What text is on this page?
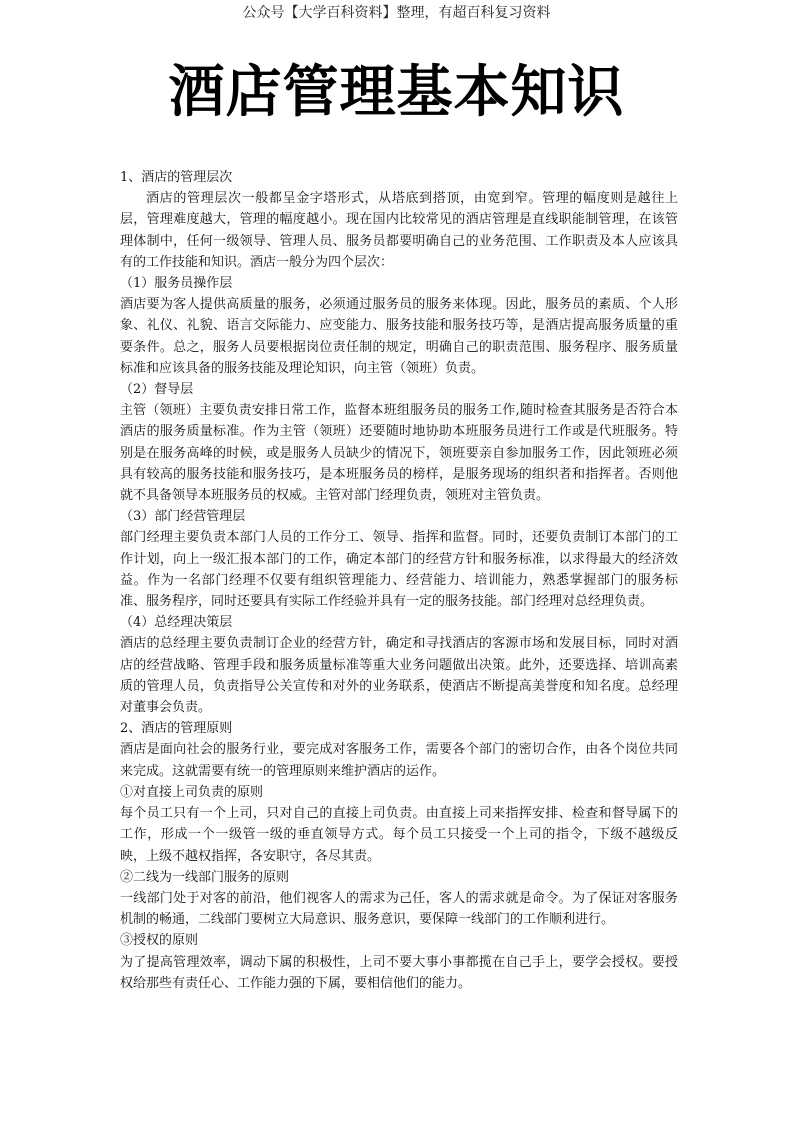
公众号【大学百科资料】整理，有超百科复习资料
酒店管理基本知识

1、酒店的管理层次

酒店的管理层次一般都呈金字塔形式，从塔底到搭顶，由宽到窄。管理的幅度则是越往上层，管理难度越大，管理的幅度越小。现在国内比较常见的酒店管理是直线职能制管理，在该管理体制中，任何一级领导、管理人员、服务员都要明确自己的业务范围、工作职责及本人应该具有的工作技能和知识。酒店一般分为四个层次：

（1）服务员操作层

酒店要为客人提供高质量的服务，必须通过服务员的服务来体现。因此，服务员的素质、个人形象、礼仪、礼貌、语言交际能力、应变能力、服务技能和服务技巧等，是酒店提高服务质量的重要条件。总之，服务人员要根据岗位责任制的规定，明确自己的职责范围、服务程序、服务质量标准和应该具备的服务技能及理论知识，向主管（领班）负责。

（2）督导层

主管（领班）主要负责安排日常工作，监督本班组服务员的服务工作,随时检查其服务是否符合本酒店的服务质量标准。作为主管（领班）还要随时地协助本班服务员进行工作或是代班服务。特别是在服务高峰的时候，或是服务人员缺少的情况下，领班要亲自参加服务工作，因此领班必须具有较高的服务技能和服务技巧，是本班服务员的榜样，是服务现场的组织者和指挥者。否则他就不具备领导本班服务员的权威。主管对部门经理负责，领班对主管负责。

（3）部门经营管理层

部门经理主要负责本部门人员的工作分工、领导、指挥和监督。同时，还要负责制订本部门的工作计划，向上一级汇报本部门的工作，确定本部门的经营方针和服务标准，以求得最大的经济效益。作为一名部门经理不仅要有组织管理能力、经营能力、培训能力，熟悉掌握部门的服务标准、服务程序，同时还要具有实际工作经验并具有一定的服务技能。部门经理对总经理负责。

（4）总经理决策层

酒店的总经理主要负责制订企业的经营方针，确定和寻找酒店的客源市场和发展目标，同时对酒店的经营战略、管理手段和服务质量标准等重大业务问题做出决策。此外，还要选择、培训高素质的管理人员，负责指导公关宣传和对外的业务联系，使酒店不断提高美誉度和知名度。总经理对董事会负责。

2、酒店的管理原则

酒店是面向社会的服务行业，要完成对客服务工作，需要各个部门的密切合作，由各个岗位共同来完成。这就需要有统一的管理原则来维护酒店的运作。

①对直接上司负责的原则

每个员工只有一个上司，只对自己的直接上司负责。由直接上司来指挥安排、检查和督导属下的工作，形成一个一级管一级的垂直领导方式。每个员工只接受一个上司的指令，下级不越级反映，上级不越权指挥，各安职守，各尽其责。

②二线为一线部门服务的原则

一线部门处于对客的前沿，他们视客人的需求为己任，客人的需求就是命令。为了保证对客服务机制的畅通，二线部门要树立大局意识、服务意识，要保障一线部门的工作顺利进行。

③授权的原则

为了提高管理效率，调动下属的积极性，上司不要大事小事都揽在自己手上，要学会授权。要授权给那些有责任心、工作能力强的下属，要相信他们的能力。
